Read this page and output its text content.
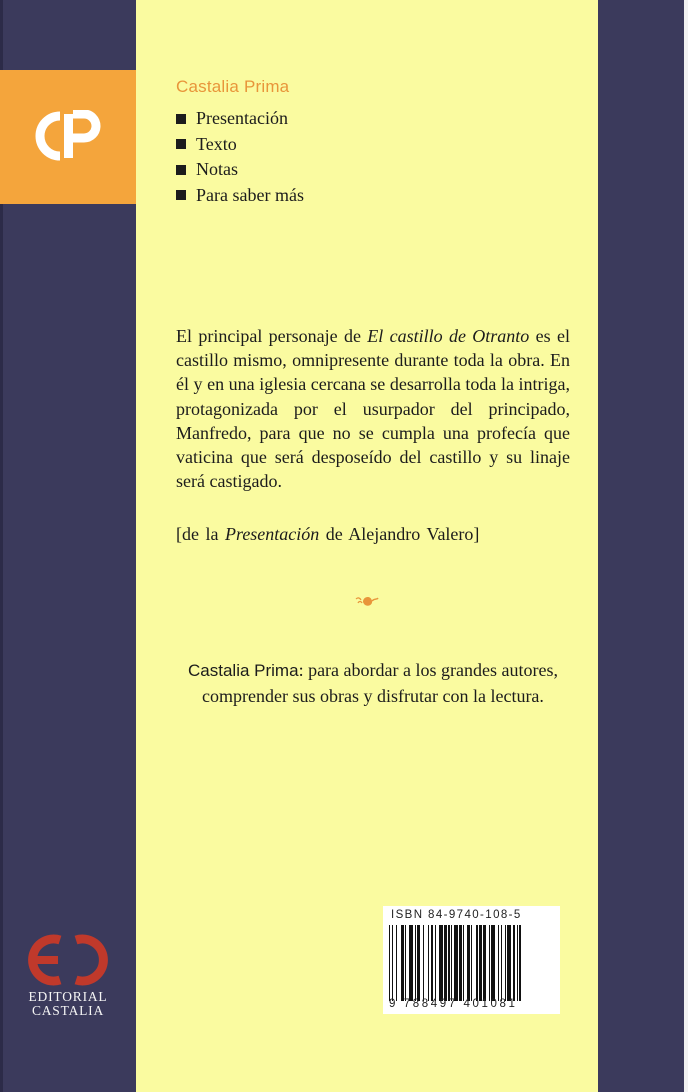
Castalia Prima
Presentación
Texto
Notas
Para saber más
El principal personaje de El castillo de Otranto es el castillo mismo, omnipresente durante toda la obra. En él y en una iglesia cercana se desarrolla toda la intriga, protagonizada por el usurpador del principado, Manfredo, para que no se cumpla una profecía que vaticina que será desposeído del castillo y su linaje será castigado.
[de la Presentación de Alejandro Valero]
Castalia Prima: para abordar a los grandes autores, comprender sus obras y disfrutar con la lectura.
ISBN 84-9740-108-5
9 788497 401081
EDITORIAL
CASTALIA
